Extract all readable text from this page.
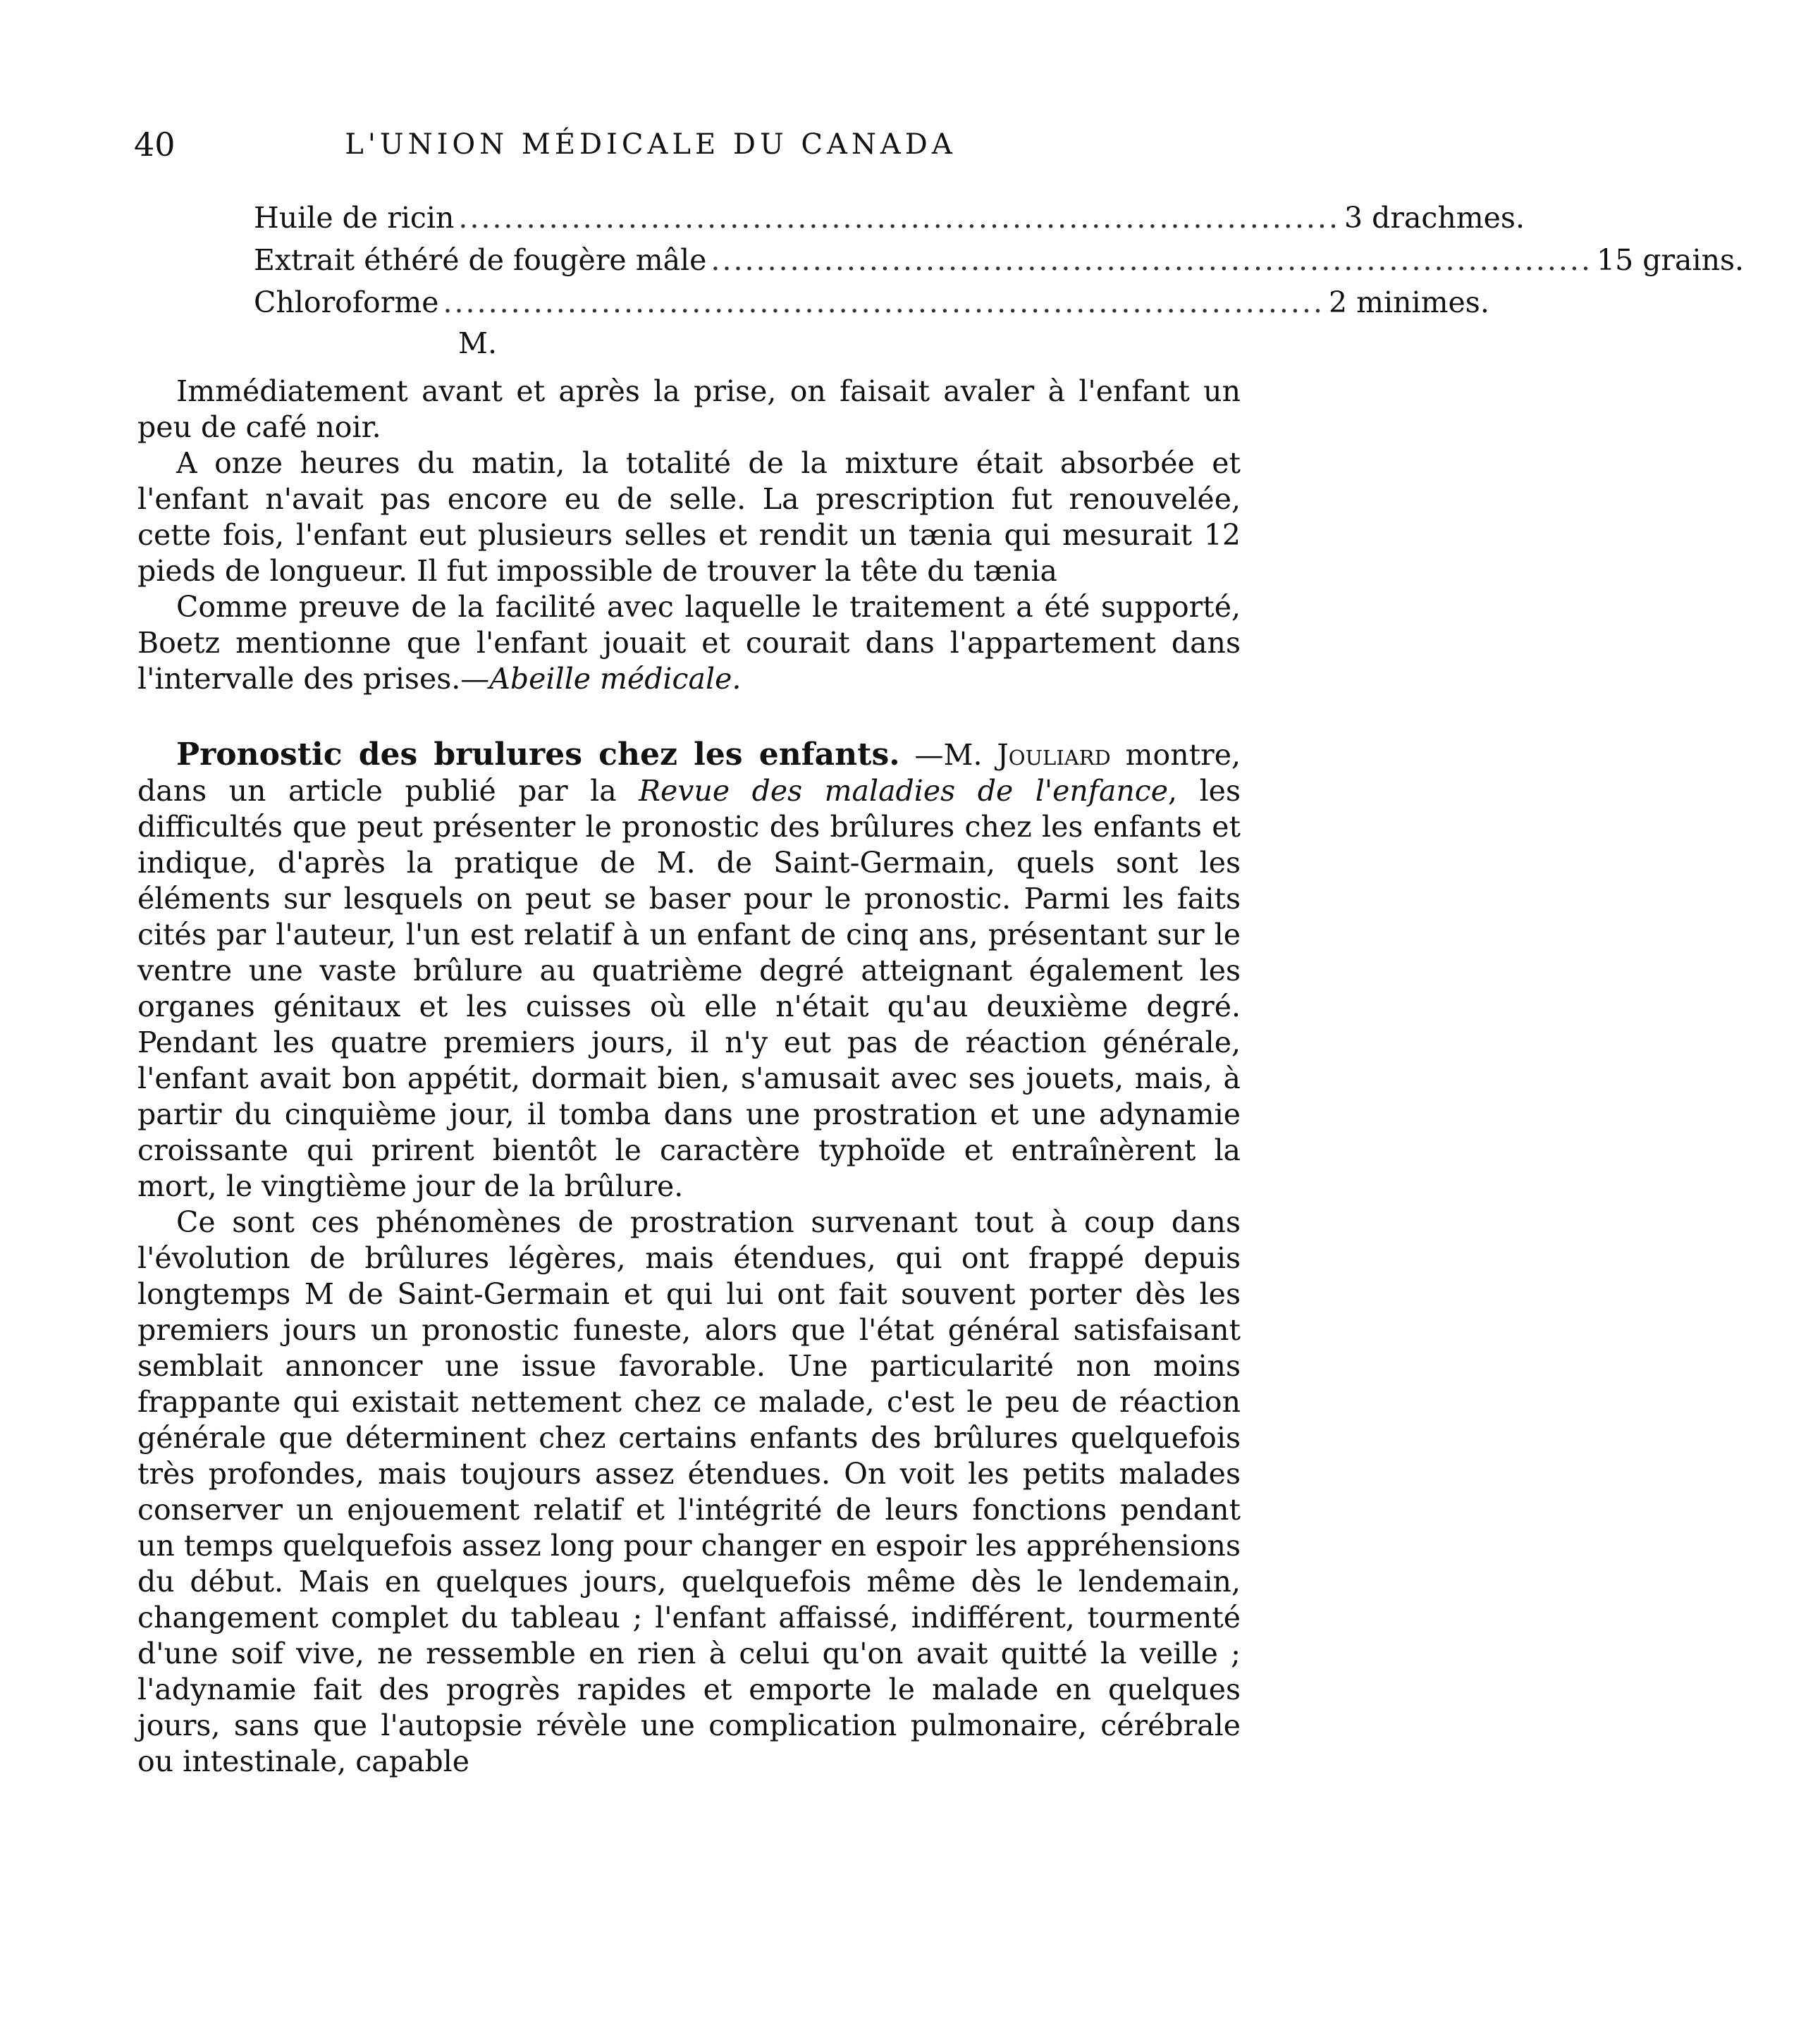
40	L'UNION MÉDICALE DU CANADA
Huile de ricin .............................................................................. 3 drachmes.
Extrait éthéré de fougère mâle .............................................................................. 15 grains.
Chloroforme .............................................................................. 2 minimes.
M.

Immédiatement avant et après la prise, on faisait avaler à l'enfant un peu de café noir.

A onze heures du matin, la totalité de la mixture était absorbée et l'enfant n'avait pas encore eu de selle. La prescription fut renouvelée, cette fois, l'enfant eut plusieurs selles et rendit un tænia qui mesurait 12 pieds de longueur. Il fut impossible de trouver la tête du tænia

Comme preuve de la facilité avec laquelle le traitement a été supporté, Boetz mentionne que l'enfant jouait et courait dans l'appartement dans l'intervalle des prises.—Abeille médicale.

Pronostic des brulures chez les enfants. —M. Jouliard montre, dans un article publié par la Revue des maladies de l'enfance, les difficultés que peut présenter le pronostic des brûlures chez les enfants et indique, d'après la pratique de M. de Saint-Germain, quels sont les éléments sur lesquels on peut se baser pour le pronostic. Parmi les faits cités par l'auteur, l'un est relatif à un enfant de cinq ans, présentant sur le ventre une vaste brûlure au quatrième degré atteignant également les organes génitaux et les cuisses où elle n'était qu'au deuxième degré. Pendant les quatre premiers jours, il n'y eut pas de réaction générale, l'enfant avait bon appétit, dormait bien, s'amusait avec ses jouets, mais, à partir du cinquième jour, il tomba dans une prostration et une adynamie croissante qui prirent bientôt le caractère typhoïde et entraînèrent la mort, le vingtième jour de la brûlure.

Ce sont ces phénomènes de prostration survenant tout à coup dans l'évolution de brûlures légères, mais étendues, qui ont frappé depuis longtemps M de Saint-Germain et qui lui ont fait souvent porter dès les premiers jours un pronostic funeste, alors que l'état général satisfaisant semblait annoncer une issue favorable. Une particularité non moins frappante qui existait nettement chez ce malade, c'est le peu de réaction générale que déterminent chez certains enfants des brûlures quelquefois très profondes, mais toujours assez étendues. On voit les petits malades conserver un enjouement relatif et l'intégrité de leurs fonctions pendant un temps quelquefois assez long pour changer en espoir les appréhensions du début. Mais en quelques jours, quelquefois même dès le lendemain, changement complet du tableau ; l'enfant affaissé, indifférent, tourmenté d'une soif vive, ne ressemble en rien à celui qu'on avait quitté la veille ; l'adynamie fait des progrès rapides et emporte le malade en quelques jours, sans que l'autopsie révèle une complication pulmonaire, cérébrale ou intestinale, capable
